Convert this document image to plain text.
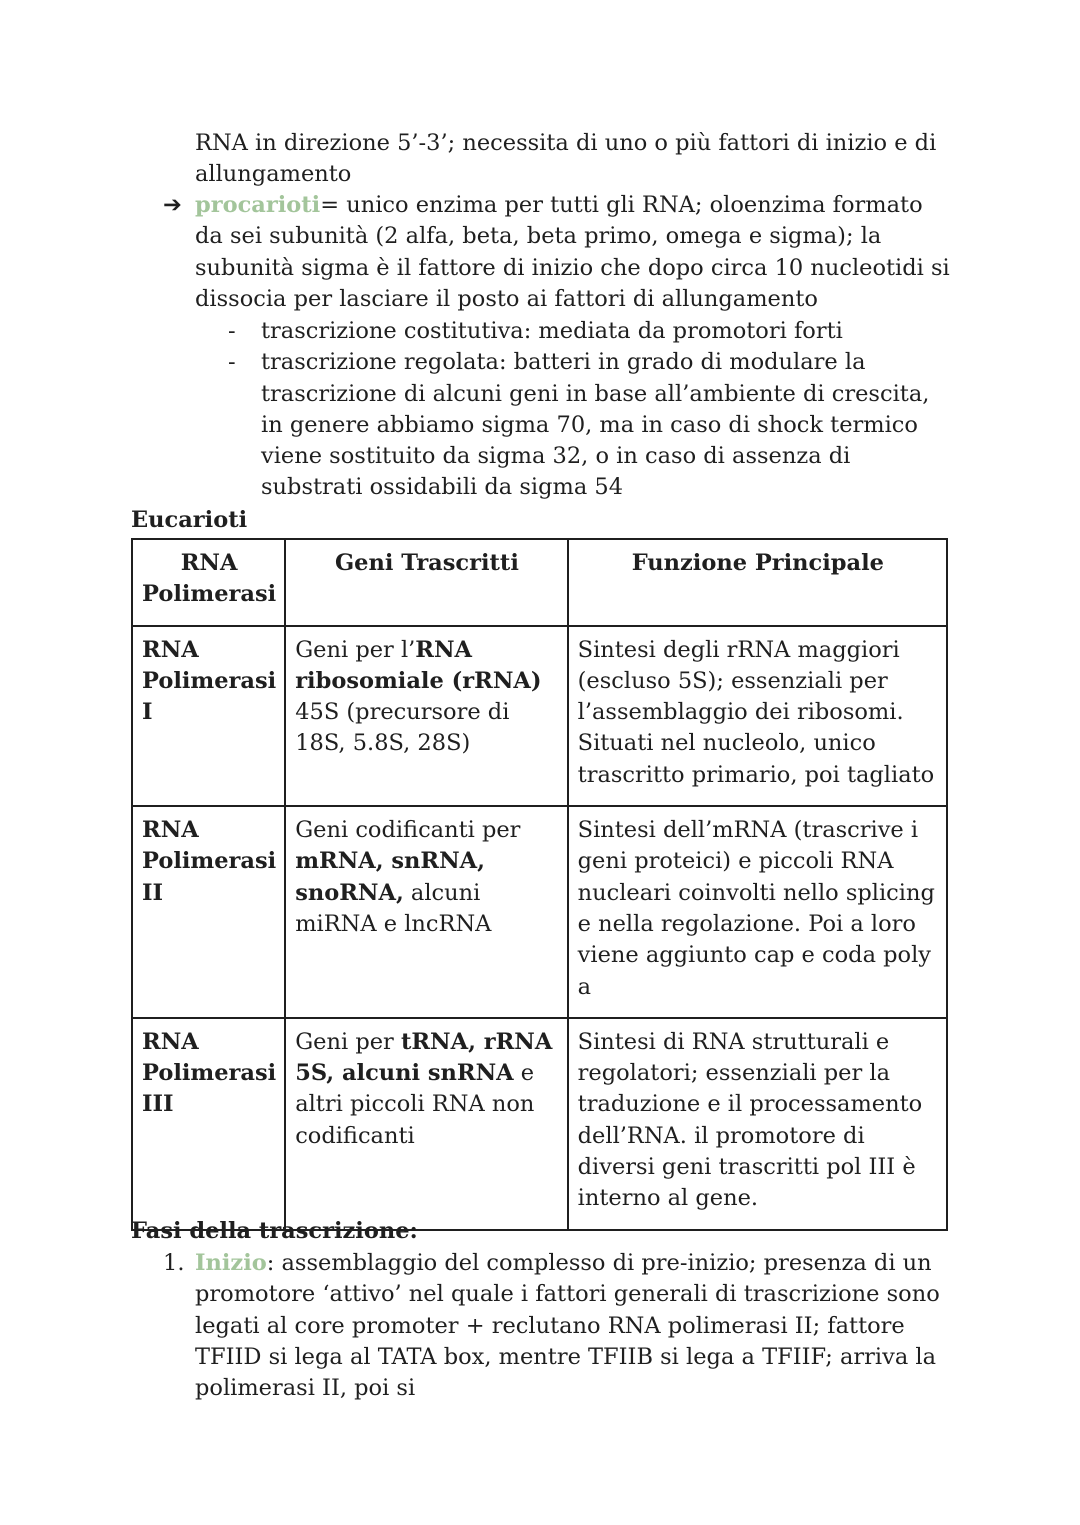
RNA in direzione 5’-3’; necessita di uno o più fattori di inizio e di allungamento
➔ procarioti= unico enzima per tutti gli RNA; oloenzima formato da sei subunità (2 alfa, beta, beta primo, omega e sigma); la subunità sigma è il fattore di inizio che dopo circa 10 nucleotidi si dissocia per lasciare il posto ai fattori di allungamento
- trascrizione costitutiva: mediata da promotori forti
- trascrizione regolata: batteri in grado di modulare la trascrizione di alcuni geni in base all’ambiente di crescita, in genere abbiamo sigma 70, ma in caso di shock termico viene sostituito da sigma 32, o in caso di assenza di substrati ossidabili da sigma 54
Eucarioti
RNA Polimerasi	Geni Trascritti	Funzione Principale
RNA Polimerasi I	Geni per l’RNA ribosomiale (rRNA) 45S (precursore di 18S, 5.8S, 28S)	Sintesi degli rRNA maggiori (escluso 5S); essenziali per l’assemblaggio dei ribosomi. Situati nel nucleolo, unico trascritto primario, poi tagliato
RNA Polimerasi II	Geni codificanti per mRNA, snRNA, snoRNA, alcuni miRNA e lncRNA	Sintesi dell’mRNA (trascrive i geni proteici) e piccoli RNA nucleari coinvolti nello splicing e nella regolazione. Poi a loro viene aggiunto cap e coda poly a
RNA Polimerasi III	Geni per tRNA, rRNA 5S, alcuni snRNA e altri piccoli RNA non codificanti	Sintesi di RNA strutturali e regolatori; essenziali per la traduzione e il processamento dell’RNA. il promotore di diversi geni trascritti pol III è interno al gene.
Fasi della trascrizione:
1. Inizio: assemblaggio del complesso di pre-inizio; presenza di un promotore ‘attivo’ nel quale i fattori generali di trascrizione sono legati al core promoter + reclutano RNA polimerasi II; fattore TFIID si lega al TATA box, mentre TFIIB si lega a TFIIF; arriva la polimerasi II, poi si
